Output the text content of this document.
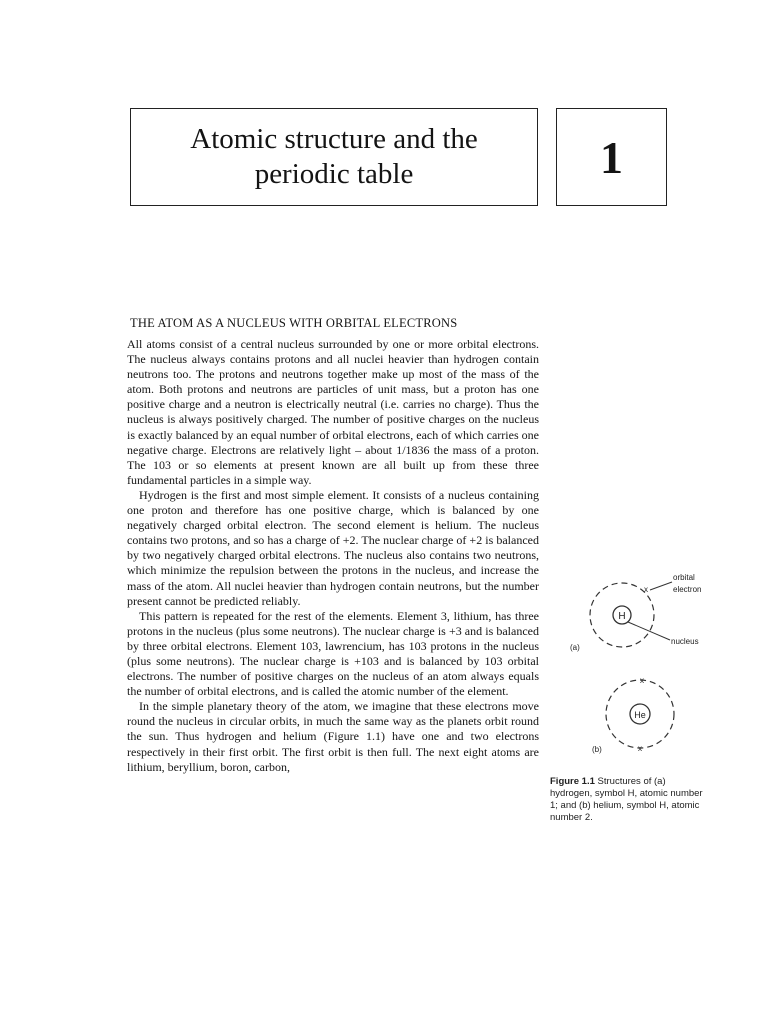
Atomic structure and the
periodic table	1
THE ATOM AS A NUCLEUS WITH ORBITAL ELECTRONS

All atoms consist of a central nucleus surrounded by one or more orbital electrons. The nucleus always contains protons and all nuclei heavier than hydrogen contain neutrons too. The protons and neutrons together make up most of the mass of the atom. Both protons and neutrons are particles of unit mass, but a proton has one positive charge and a neutron is electrically neutral (i.e. carries no charge). Thus the nucleus is always positively charged. The number of positive charges on the nucleus is exactly balanced by an equal number of orbital electrons, each of which carries one negative charge. Electrons are relatively light – about 1/1836 the mass of a proton. The 103 or so elements at present known are all built up from these three fundamental particles in a simple way.

Hydrogen is the first and most simple element. It consists of a nucleus containing one proton and therefore has one positive charge, which is balanced by one negatively charged orbital electron. The second element is helium. The nucleus contains two protons, and so has a charge of +2. The nuclear charge of +2 is balanced by two negatively charged orbital electrons. The nucleus also contains two neutrons, which minimize the repulsion between the protons in the nucleus, and increase the mass of the atom. All nuclei heavier than hydrogen contain neutrons, but the number present cannot be predicted reliably.

This pattern is repeated for the rest of the elements. Element 3, lithium, has three protons in the nucleus (plus some neutrons). The nuclear charge is +3 and is balanced by three orbital electrons. Element 103, lawrencium, has 103 protons in the nucleus (plus some neutrons). The nuclear charge is +103 and is balanced by 103 orbital electrons. The number of positive charges on the nucleus of an atom always equals the number of orbital electrons, and is called the atomic number of the element.

In the simple planetary theory of the atom, we imagine that these electrons move round the nucleus in circular orbits, in much the same way as the planets orbit round the sun. Thus hydrogen and helium (Figure 1.1) have one and two electrons respectively in their first orbit. The first orbit is then full. The next eight atoms are lithium, beryllium, boron, carbon,

H
x
orbital
electron
nucleus
(a)
He
x
x
(b)
Figure 1.1 Structures of (a) hydrogen, symbol H, atomic number 1; and (b) helium, symbol H, atomic number 2.
